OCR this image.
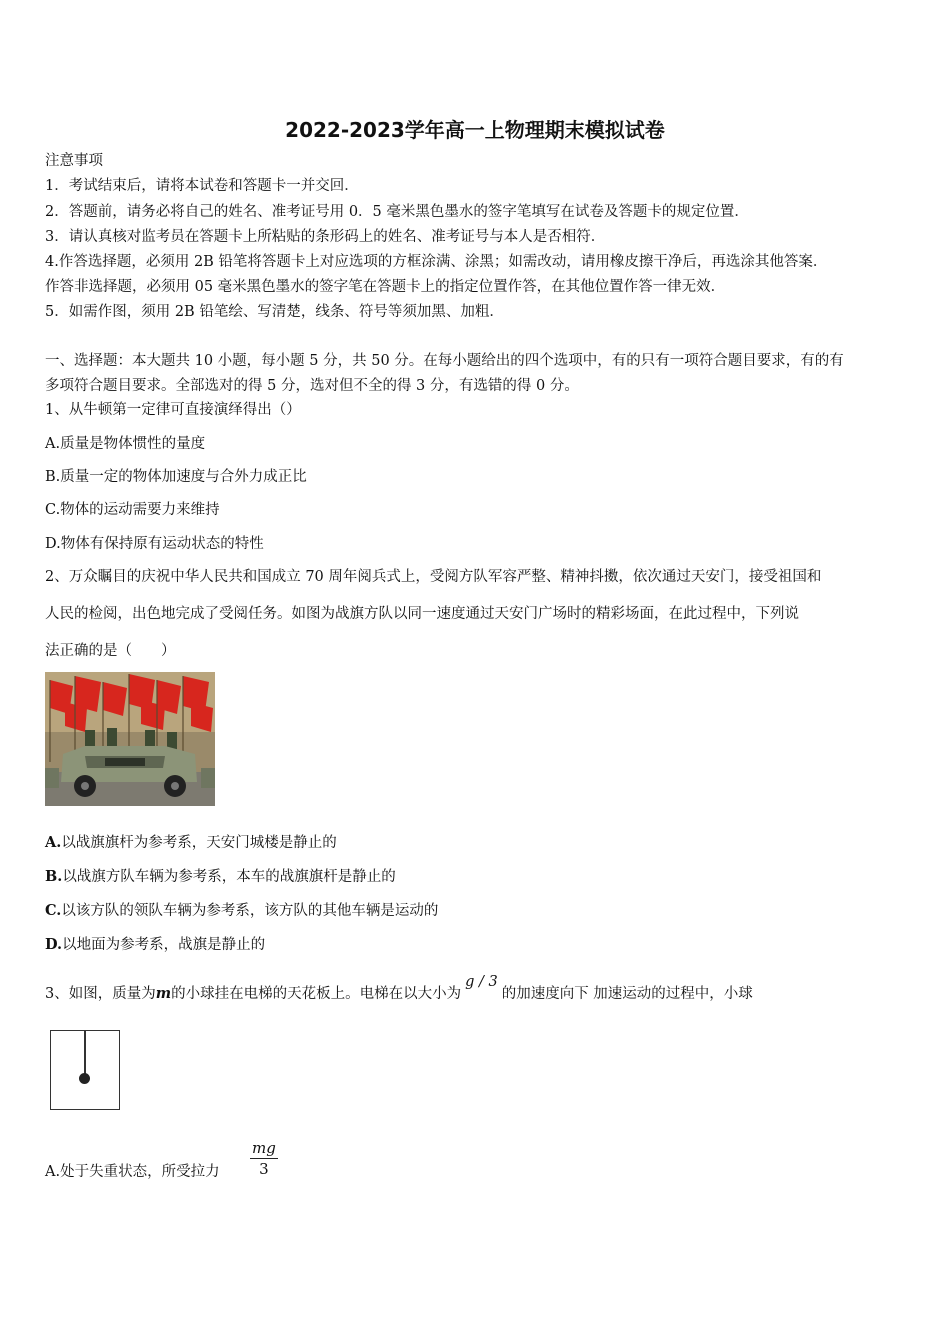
2022-2023学年高一上物理期末模拟试卷
注意事项
1．考试结束后，请将本试卷和答题卡一并交回．
2．答题前，请务必将自己的姓名、准考证号用 0．5 毫米黑色墨水的签字笔填写在试卷及答题卡的规定位置．
3．请认真核对监考员在答题卡上所粘贴的条形码上的姓名、准考证号与本人是否相符．
4.作答选择题，必须用 2B 铅笔将答题卡上对应选项的方框涂满、涂黑；如需改动，请用橡皮擦干净后，再选涂其他答案．
作答非选择题，必须用 05 毫米黑色墨水的签字笔在答题卡上的指定位置作答，在其他位置作答一律无效．
5．如需作图，须用 2B 铅笔绘、写清楚，线条、符号等须加黑、加粗．
一、选择题：本大题共 10 小题，每小题 5 分，共 50 分。在每小题给出的四个选项中，有的只有一项符合题目要求，有的有
多项符合题目要求。全部选对的得 5 分，选对但不全的得 3 分，有选错的得 0 分。
1、从牛顿第一定律可直接演绎得出（）
A.质量是物体惯性的量度
B.质量一定的物体加速度与合外力成正比
C.物体的运动需要力来维持
D.物体有保持原有运动状态的特性
2、万众瞩目的庆祝中华人民共和国成立 70 周年阅兵式上，受阅方队军容严整、精神抖擞，依次通过天安门，接受祖国和
人民的检阅，出色地完成了受阅任务。如图为战旗方队以同一速度通过天安门广场时的精彩场面，在此过程中，下列说
法正确的是（　　）
A.以战旗旗杆为参考系，天安门城楼是静止的
B.以战旗方队车辆为参考系，本车的战旗旗杆是静止的
C.以该方队的领队车辆为参考系，该方队的其他车辆是运动的
D.以地面为参考系，战旗是静止的
3、如图，质量为m的小球挂在电梯的天花板上。电梯在以大小为g / 3的加速度向下 加速运动的过程中，小球
A.处于失重状态，所受拉力 $\frac{mg}{3}$
